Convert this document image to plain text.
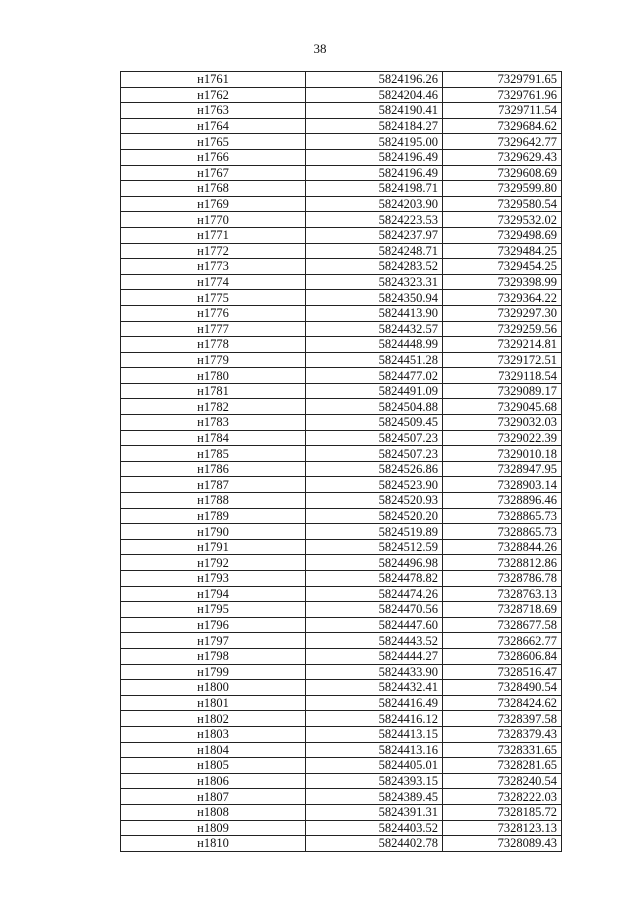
38
н1761	5824196.26	7329791.65
н1762	5824204.46	7329761.96
н1763	5824190.41	7329711.54
н1764	5824184.27	7329684.62
н1765	5824195.00	7329642.77
н1766	5824196.49	7329629.43
н1767	5824196.49	7329608.69
н1768	5824198.71	7329599.80
н1769	5824203.90	7329580.54
н1770	5824223.53	7329532.02
н1771	5824237.97	7329498.69
н1772	5824248.71	7329484.25
н1773	5824283.52	7329454.25
н1774	5824323.31	7329398.99
н1775	5824350.94	7329364.22
н1776	5824413.90	7329297.30
н1777	5824432.57	7329259.56
н1778	5824448.99	7329214.81
н1779	5824451.28	7329172.51
н1780	5824477.02	7329118.54
н1781	5824491.09	7329089.17
н1782	5824504.88	7329045.68
н1783	5824509.45	7329032.03
н1784	5824507.23	7329022.39
н1785	5824507.23	7329010.18
н1786	5824526.86	7328947.95
н1787	5824523.90	7328903.14
н1788	5824520.93	7328896.46
н1789	5824520.20	7328865.73
н1790	5824519.89	7328865.73
н1791	5824512.59	7328844.26
н1792	5824496.98	7328812.86
н1793	5824478.82	7328786.78
н1794	5824474.26	7328763.13
н1795	5824470.56	7328718.69
н1796	5824447.60	7328677.58
н1797	5824443.52	7328662.77
н1798	5824444.27	7328606.84
н1799	5824433.90	7328516.47
н1800	5824432.41	7328490.54
н1801	5824416.49	7328424.62
н1802	5824416.12	7328397.58
н1803	5824413.15	7328379.43
н1804	5824413.16	7328331.65
н1805	5824405.01	7328281.65
н1806	5824393.15	7328240.54
н1807	5824389.45	7328222.03
н1808	5824391.31	7328185.72
н1809	5824403.52	7328123.13
н1810	5824402.78	7328089.43
